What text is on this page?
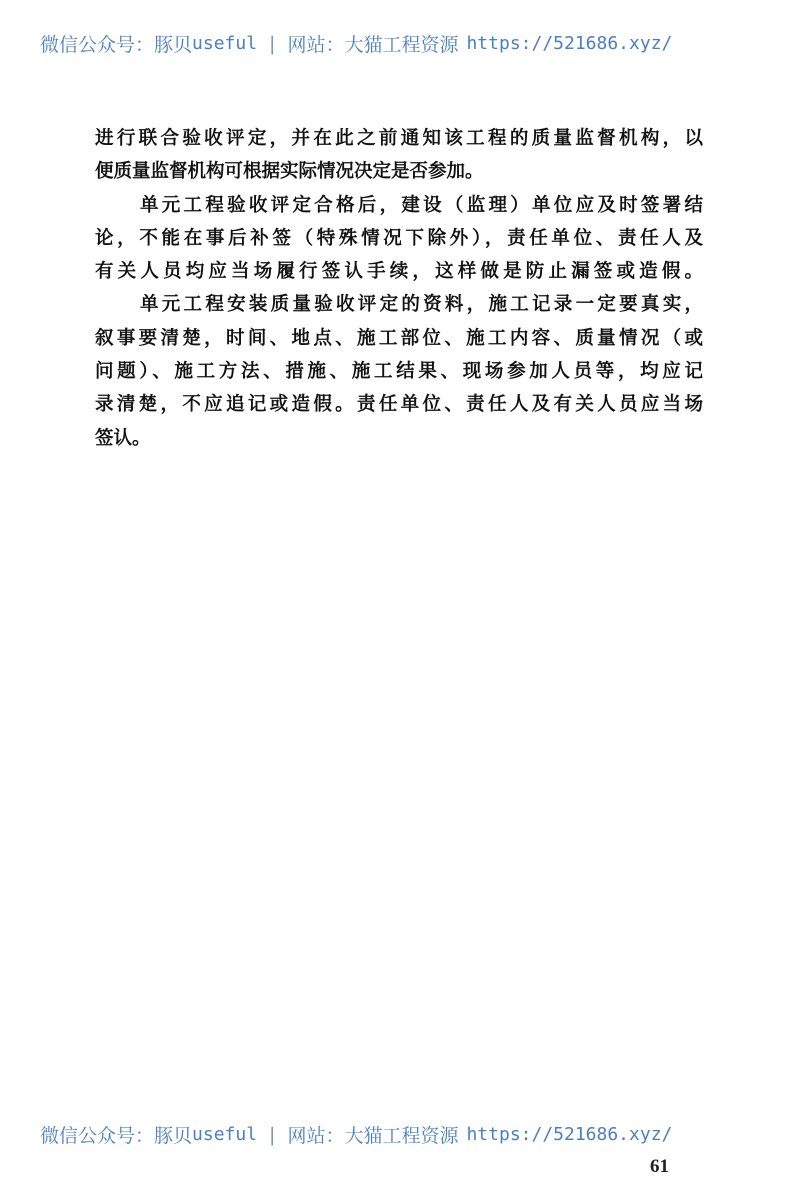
微信公众号：豚贝 useful | 网站：大猫工程资源 https://521686.xyz/
进行联合验收评定，并在此之前通知该工程的质量监督机构，以
便质量监督机构可根据实际情况决定是否参加。
单元工程验收评定合格后，建设（监理）单位应及时签署结
论，不能在事后补签（特殊情况下除外），责任单位、责任人及
有关人员均应当场履行签认手续，这样做是防止漏签或造假。
单元工程安装质量验收评定的资料，施工记录一定要真实，
叙事要清楚，时间、地点、施工部位、施工内容、质量情况（或
问题）、施工方法、措施、施工结果、现场参加人员等，均应记
录清楚，不应追记或造假。责任单位、责任人及有关人员应当场
签认。
微信公众号：豚贝 useful | 网站：大猫工程资源 https://521686.xyz/
61
